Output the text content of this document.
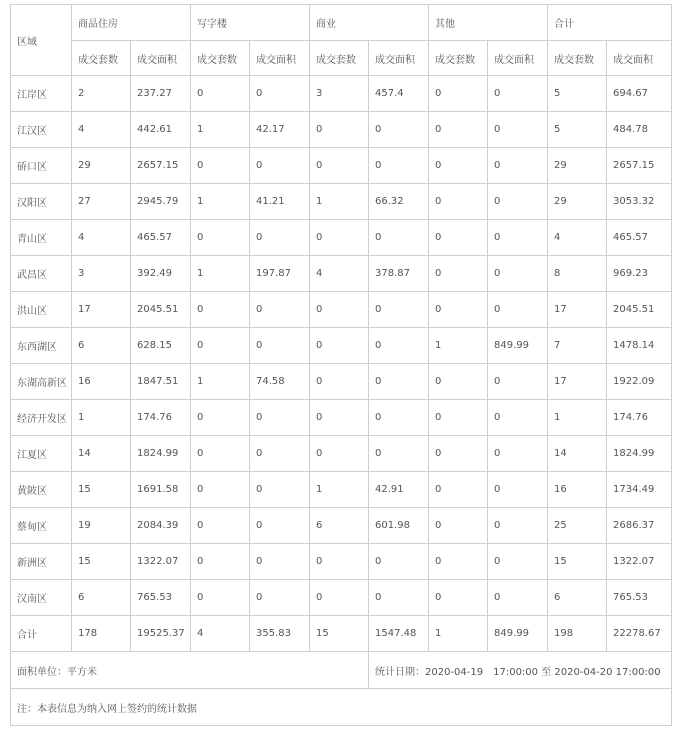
区域	商品住房		写字楼		商业		其他		合计	
	成交套数	成交面积	成交套数	成交面积	成交套数	成交面积	成交套数	成交面积	成交套数	成交面积
江岸区	2	237.27	0	0	3	457.4	0	0	5	694.67
江汉区	4	442.61	1	42.17	0	0	0	0	5	484.78
硚口区	29	2657.15	0	0	0	0	0	0	29	2657.15
汉阳区	27	2945.79	1	41.21	1	66.32	0	0	29	3053.32
青山区	4	465.57	0	0	0	0	0	0	4	465.57
武昌区	3	392.49	1	197.87	4	378.87	0	0	8	969.23
洪山区	17	2045.51	0	0	0	0	0	0	17	2045.51
东西湖区	6	628.15	0	0	0	0	1	849.99	7	1478.14
东湖高新区	16	1847.51	1	74.58	0	0	0	0	17	1922.09
经济开发区	1	174.76	0	0	0	0	0	0	1	174.76
江夏区	14	1824.99	0	0	0	0	0	0	14	1824.99
黄陂区	15	1691.58	0	0	1	42.91	0	0	16	1734.49
蔡甸区	19	2084.39	0	0	6	601.98	0	0	25	2686.37
新洲区	15	1322.07	0	0	0	0	0	0	15	1322.07
汉南区	6	765.53	0	0	0	0	0	0	6	765.53
合计	178	19525.37	4	355.83	15	1547.48	1	849.99	198	22278.67
面积单位：平方米						统计日期：2020-04-19　17:00:00 至 2020-04-20 17:00:00				
注：本表信息为纳入网上签约的统计数据										
